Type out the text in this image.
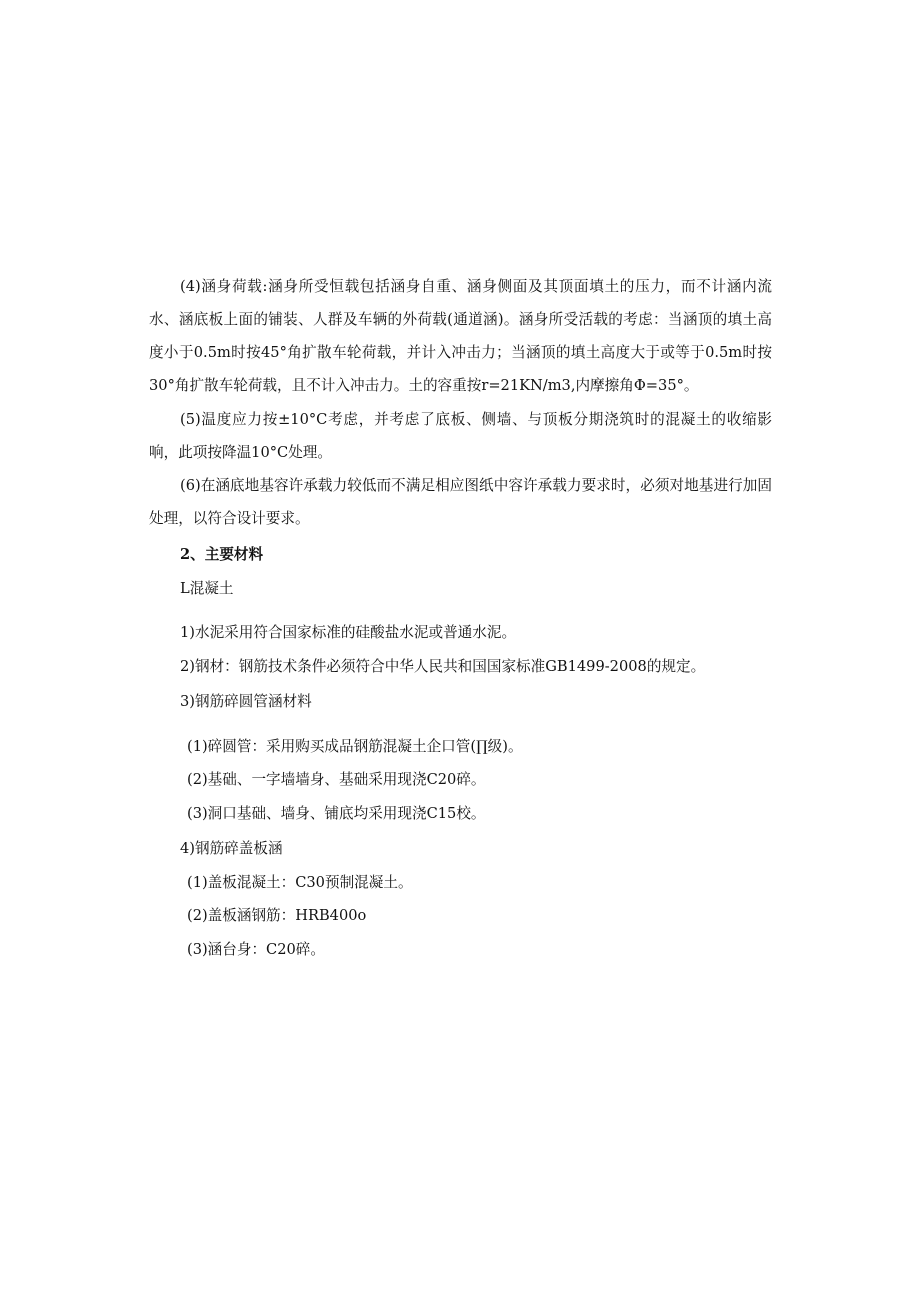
(4)涵身荷载:涵身所受恒载包括涵身自重、涵身侧面及其顶面填土的压力，而不计涵内流水、涵底板上面的铺装、人群及车辆的外荷载(通道涵)。涵身所受活载的考虑：当涵顶的填土高度小于0.5m时按45°角扩散车轮荷载，并计入冲击力；当涵顶的填土高度大于或等于0.5m时按30°角扩散车轮荷载，且不计入冲击力。土的容重按r=21KN/m3,内摩擦角Φ=35°。

(5)温度应力按±10°C考虑，并考虑了底板、侧墙、与顶板分期浇筑时的混凝土的收缩影响，此项按降温10°C处理。

(6)在涵底地基容许承载力较低而不满足相应图纸中容许承载力要求时，必须对地基进行加固处理，以符合设计要求。

2、主要材料

L混凝土

1)水泥采用符合国家标准的硅酸盐水泥或普通水泥。

2)钢材：钢筋技术条件必须符合中华人民共和国国家标准GB1499-2008的规定。

3)钢筋碎圆管涵材料

(1)碎圆管：采用购买成品钢筋混凝土企口管(∏级)。

(2)基础、一字墙墙身、基础采用现浇C20碎。

(3)洞口基础、墙身、铺底均采用现浇C15校。

4)钢筋碎盖板涵

(1)盖板混凝土：C30预制混凝土。

(2)盖板涵钢筋：HRB400o

(3)涵台身：C20碎。
